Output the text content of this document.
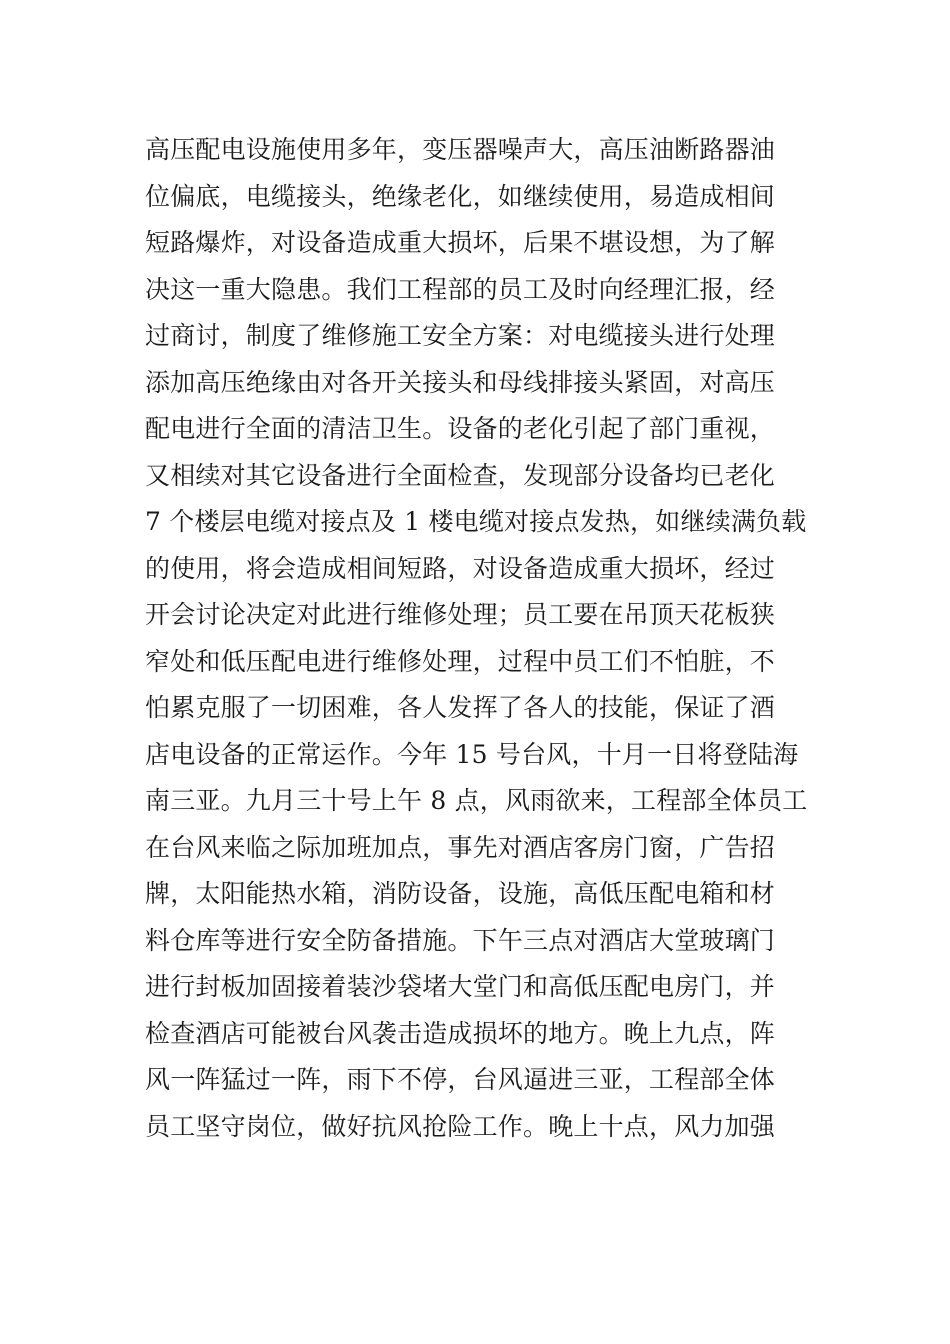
高压配电设施使用多年，变压器噪声大，高压油断路器油
位偏底，电缆接头，绝缘老化，如继续使用，易造成相间
短路爆炸，对设备造成重大损坏，后果不堪设想，为了解
决这一重大隐患。我们工程部的员工及时向经理汇报，经
过商讨，制度了维修施工安全方案：对电缆接头进行处理
添加高压绝缘由对各开关接头和母线排接头紧固，对高压
配电进行全面的清洁卫生。设备的老化引起了部门重视，
又相续对其它设备进行全面检查，发现部分设备均已老化
7 个楼层电缆对接点及 1 楼电缆对接点发热，如继续满负载
的使用，将会造成相间短路，对设备造成重大损坏，经过
开会讨论决定对此进行维修处理；员工要在吊顶天花板狭
窄处和低压配电进行维修处理，过程中员工们不怕脏，不
怕累克服了一切困难，各人发挥了各人的技能，保证了酒
店电设备的正常运作。今年 15 号台风，十月一日将登陆海
南三亚。九月三十号上午 8 点，风雨欲来，工程部全体员工
在台风来临之际加班加点，事先对酒店客房门窗，广告招
牌，太阳能热水箱，消防设备，设施，高低压配电箱和材
料仓库等进行安全防备措施。下午三点对酒店大堂玻璃门
进行封板加固接着装沙袋堵大堂门和高低压配电房门，并
检查酒店可能被台风袭击造成损坏的地方。晚上九点，阵
风一阵猛过一阵，雨下不停，台风逼进三亚，工程部全体
员工坚守岗位，做好抗风抢险工作。晚上十点，风力加强
